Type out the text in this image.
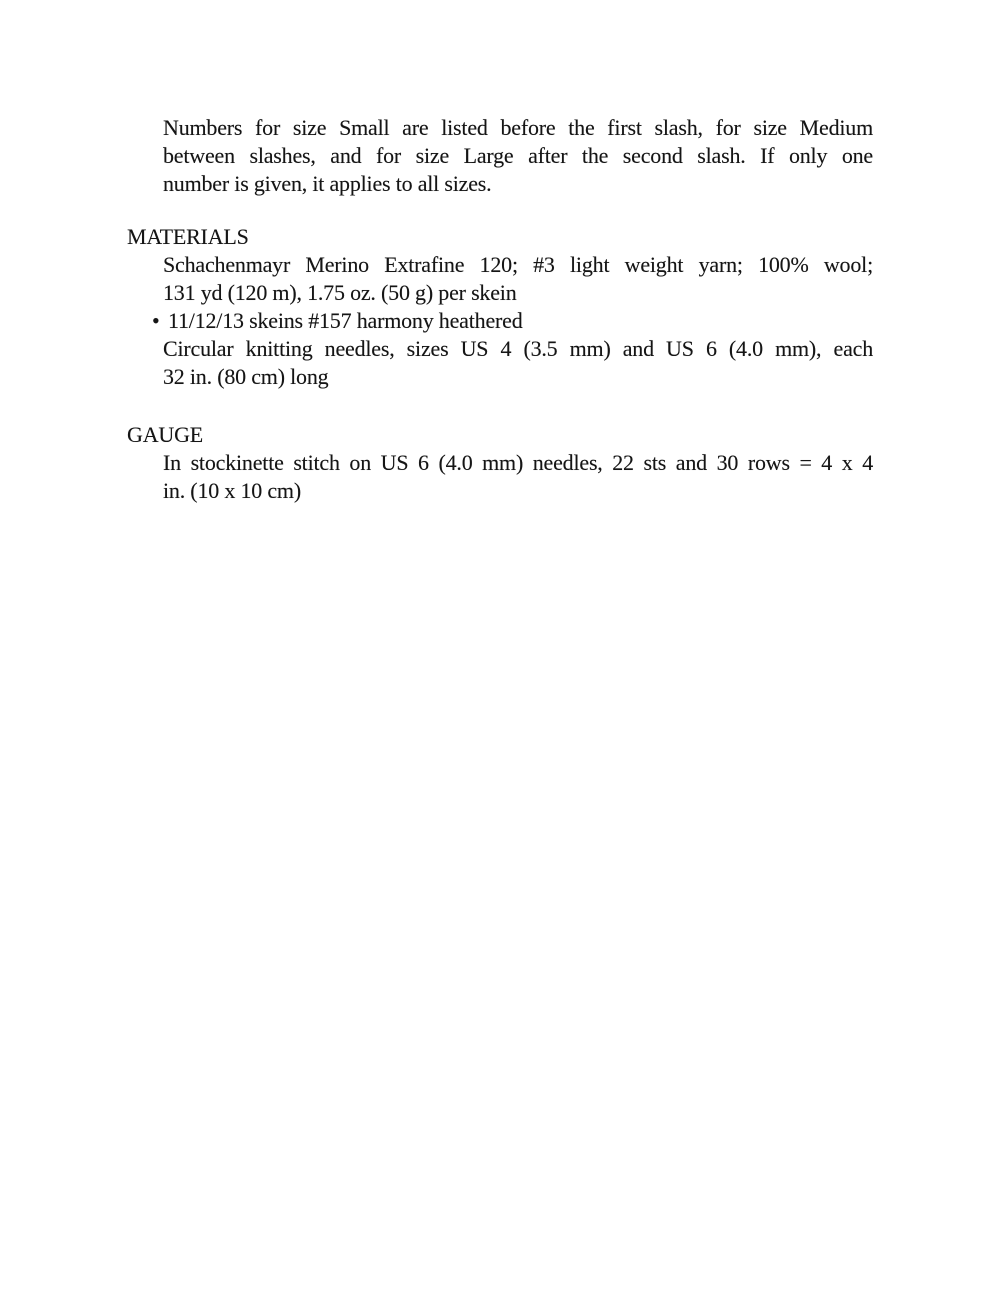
Numbers for size Small are listed before the first slash, for size Medium
between slashes, and for size Large after the second slash. If only one
number is given, it applies to all sizes.
MATERIALS
Schachenmayr Merino Extrafine 120; #3 light weight yarn; 100% wool;
131 yd (120 m), 1.75 oz. (50 g) per skein
• 11/12/13 skeins #157 harmony heathered
Circular knitting needles, sizes US 4 (3.5 mm) and US 6 (4.0 mm), each
32 in. (80 cm) long
GAUGE
In stockinette stitch on US 6 (4.0 mm) needles, 22 sts and 30 rows = 4 x 4
in. (10 x 10 cm)
